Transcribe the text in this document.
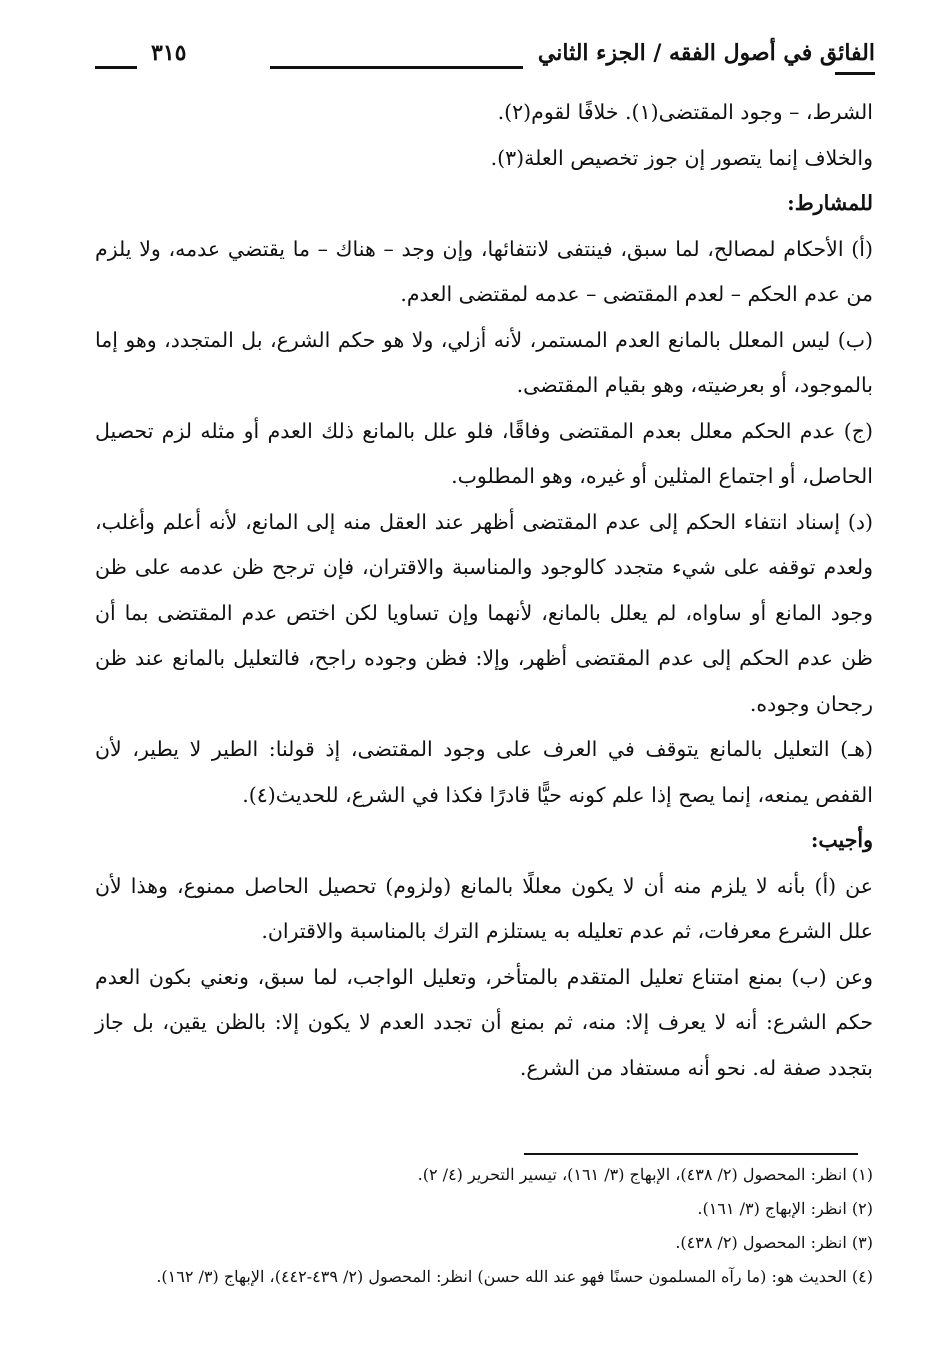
الفائق في أصول الفقه / الجزء الثاني
٣١٥

الشرط، – وجود المقتضى(١). خلافًا لقوم(٢).

والخلاف إنما يتصور إن جوز تخصيص العلة(٣).

للمشارط:

(أ) الأحكام لمصالح، لما سبق، فينتفى لانتفائها، وإن وجد – هناك – ما يقتضي عدمه، ولا يلزم من عدم الحكم – لعدم المقتضى – عدمه لمقتضى العدم.

(ب) ليس المعلل بالمانع العدم المستمر، لأنه أزلي، ولا هو حكم الشرع، بل المتجدد، وهو إما بالموجود، أو بعرضيته، وهو بقيام المقتضى.

(ج) عدم الحكم معلل بعدم المقتضى وفاقًا، فلو علل بالمانع ذلك العدم أو مثله لزم تحصيل الحاصل، أو اجتماع المثلين أو غيره، وهو المطلوب.

(د) إسناد انتفاء الحكم إلى عدم المقتضى أظهر عند العقل منه إلى المانع، لأنه أعلم وأغلب، ولعدم توقفه على شيء متجدد كالوجود والمناسبة والاقتران، فإن ترجح ظن عدمه على ظن وجود المانع أو ساواه، لم يعلل بالمانع، لأنهما وإن تساويا لكن اختص عدم المقتضى بما أن ظن عدم الحكم إلى عدم المقتضى أظهر، وإلا: فظن وجوده راجح، فالتعليل بالمانع عند ظن رجحان وجوده.

(هـ) التعليل بالمانع يتوقف في العرف على وجود المقتضى، إذ قولنا: الطير لا يطير، لأن القفص يمنعه، إنما يصح إذا علم كونه حيًّا قادرًا فكذا في الشرع، للحديث(٤).

وأجيب:

عن (أ) بأنه لا يلزم منه أن لا يكون معللًا بالمانع (ولزوم) تحصيل الحاصل ممنوع، وهذا لأن علل الشرع معرفات، ثم عدم تعليله به يستلزم الترك بالمناسبة والاقتران.

وعن (ب) بمنع امتناع تعليل المتقدم بالمتأخر، وتعليل الواجب، لما سبق، ونعني بكون العدم حكم الشرع: أنه لا يعرف إلا: منه، ثم بمنع أن تجدد العدم لا يكون إلا: بالظن يقين، بل جاز بتجدد صفة له. نحو أنه مستفاد من الشرع.

(١) انظر: المحصول (٢/ ٤٣٨)، الإبهاج (٣/ ١٦١)، تيسير التحرير (٤/ ٢).

(٢) انظر: الإبهاج (٣/ ١٦١).

(٣) انظر: المحصول (٢/ ٤٣٨).

(٤) الحديث هو: (ما رآه المسلمون حسنًا فهو عند الله حسن) انظر: المحصول (٢/ ٤٣٩-٤٤٢)، الإبهاج (٣/ ١٦٢).
